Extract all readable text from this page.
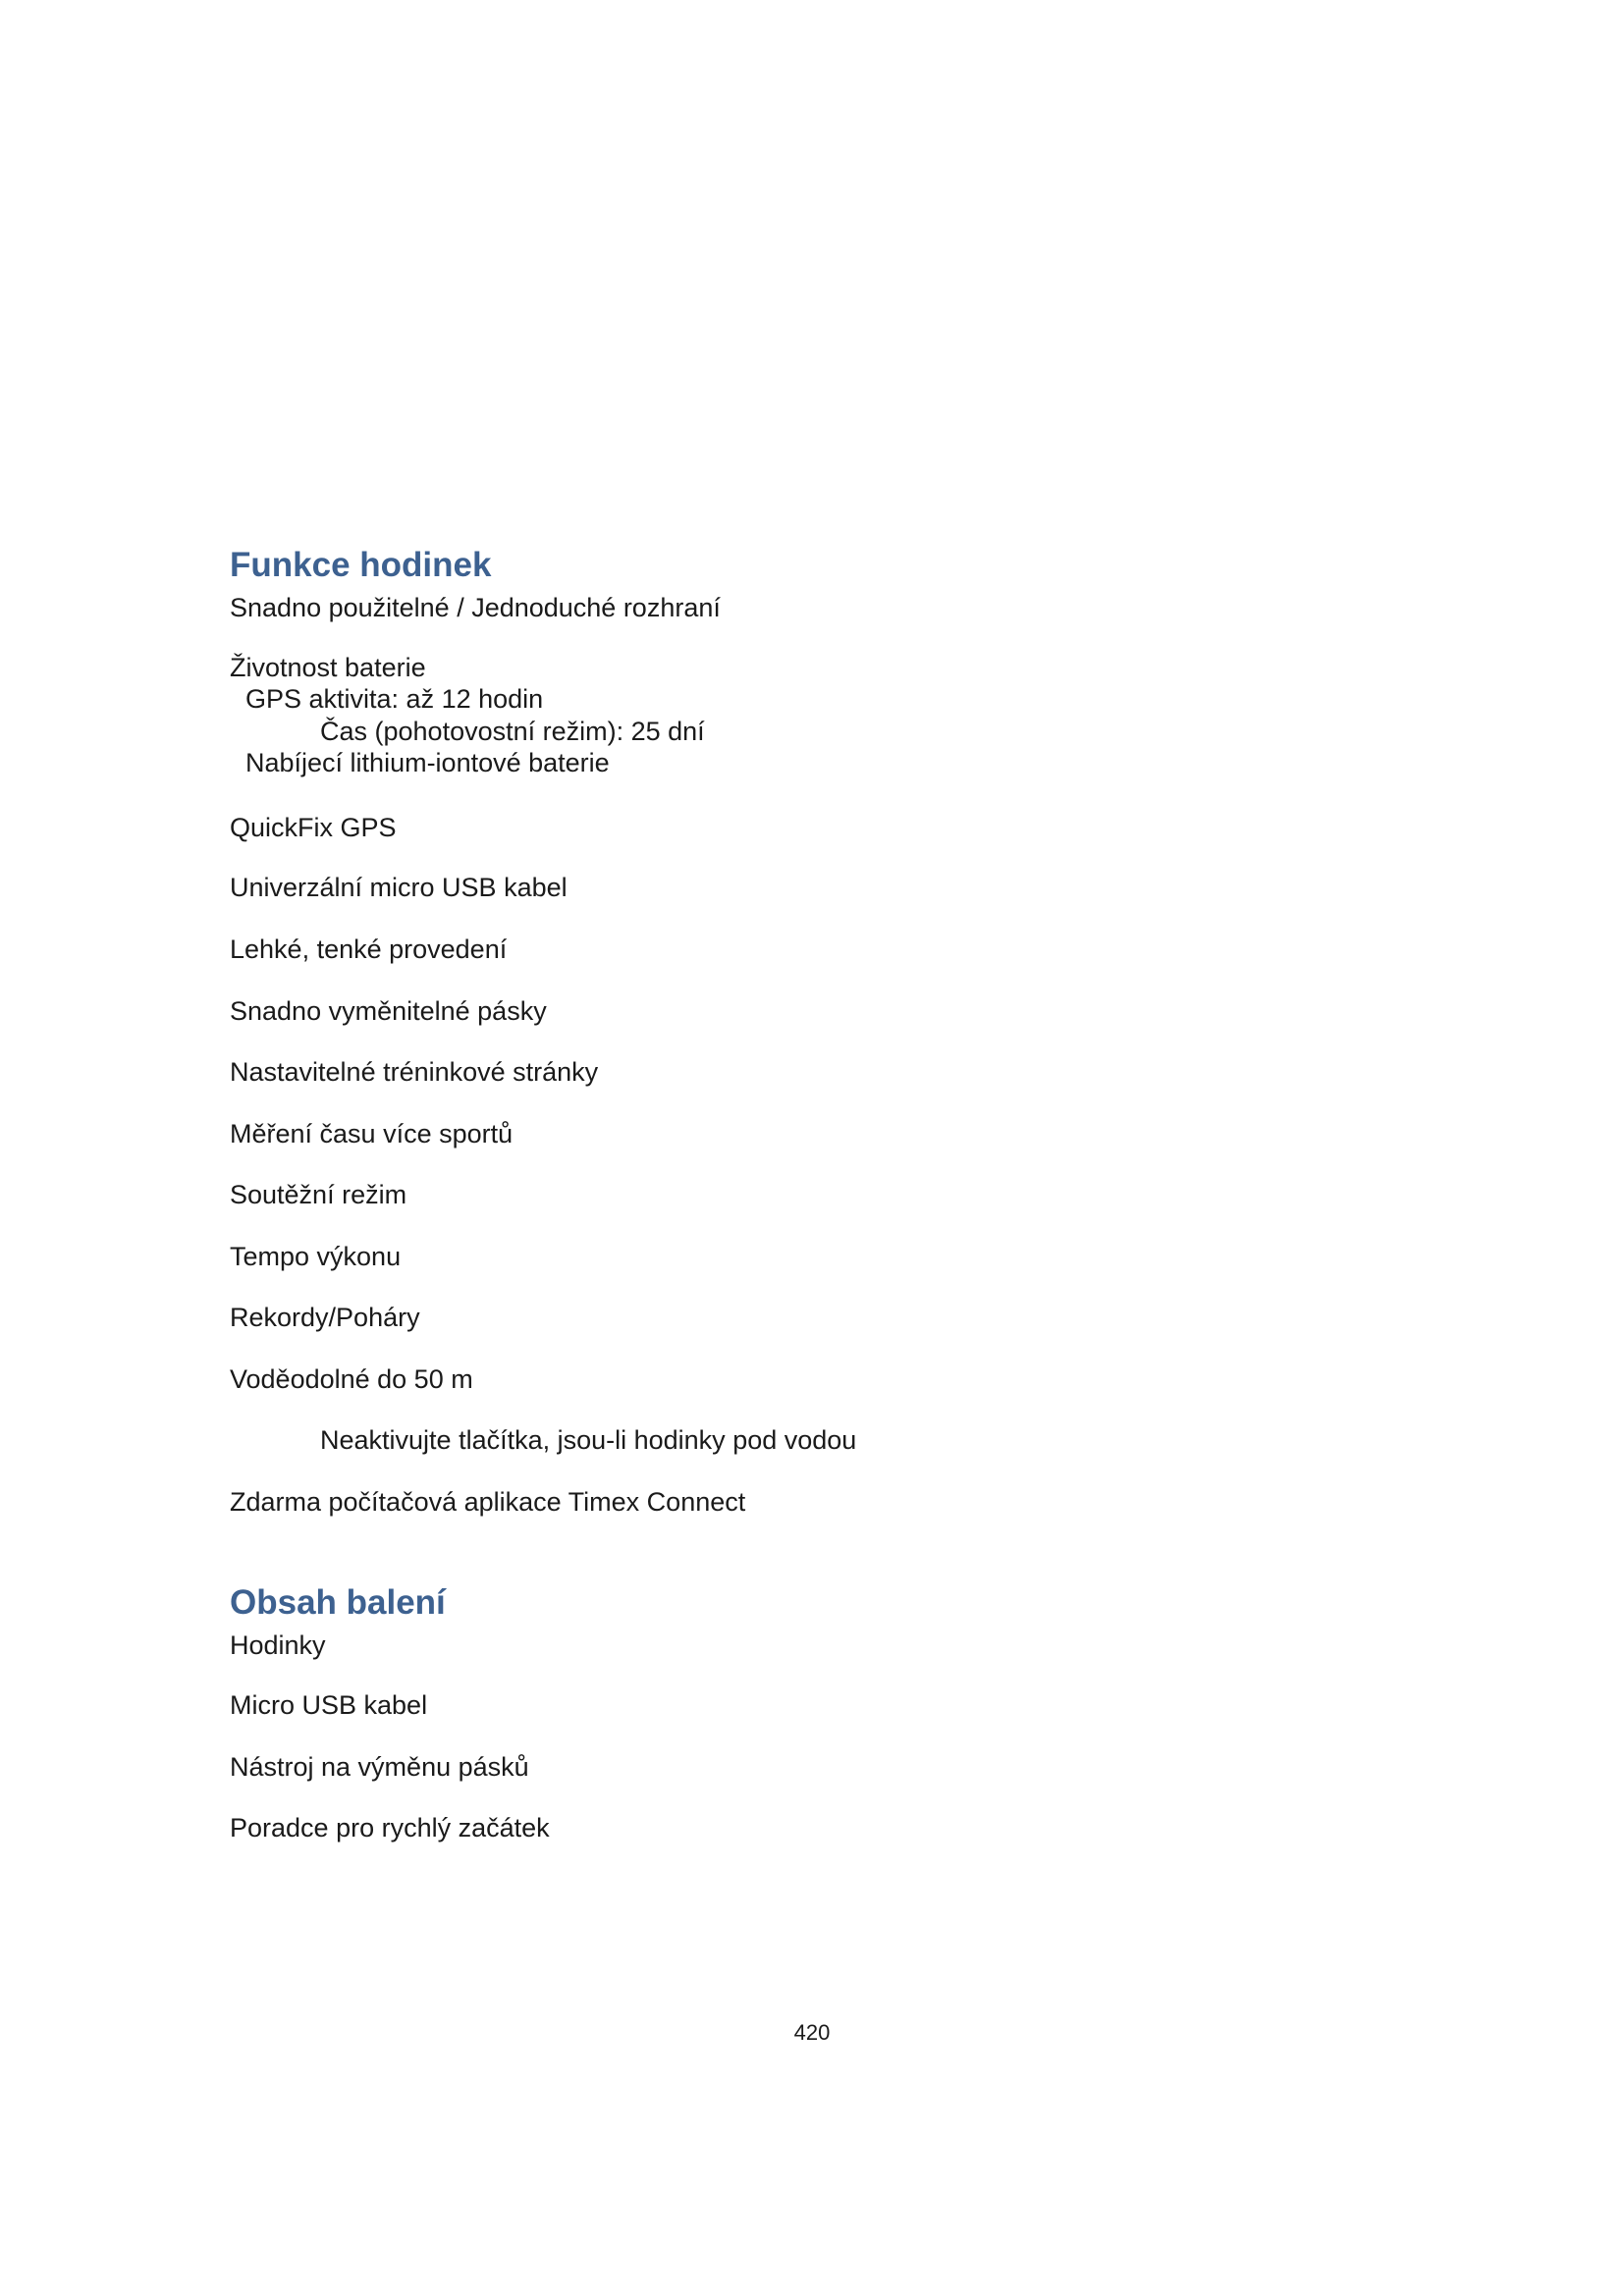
Funkce hodinek
Snadno použitelné / Jednoduché rozhraní
Životnost baterie
GPS aktivita: až 12 hodin
Čas (pohotovostní režim): 25 dní
Nabíjecí lithium-iontové baterie
QuickFix GPS
Univerzální micro USB kabel
Lehké, tenké provedení
Snadno vyměnitelné pásky
Nastavitelné tréninkové stránky
Měření času více sportů
Soutěžní režim
Tempo výkonu
Rekordy/Poháry
Voděodolné do 50 m
Neaktivujte tlačítka, jsou-li hodinky pod vodou
Zdarma počítačová aplikace Timex Connect
Obsah balení
Hodinky
Micro USB kabel
Nástroj na výměnu pásků
Poradce pro rychlý začátek
420
